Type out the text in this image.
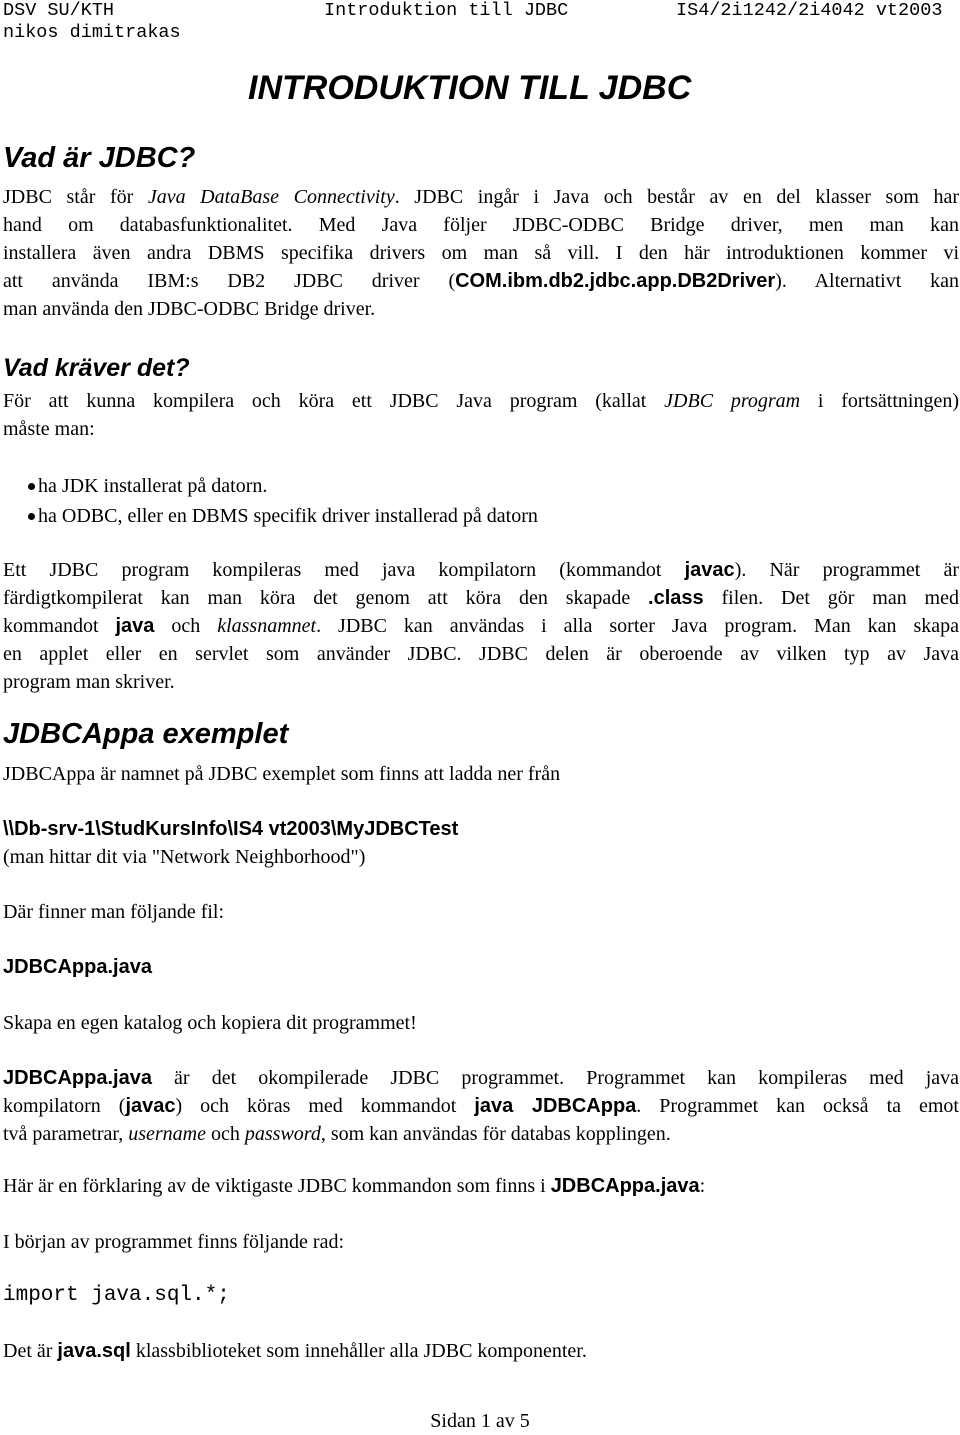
DSV SU/KTH
nikos dimitrakas
Introduktion till JDBC	IS4/2i1242/2i4042 vt2003
INTRODUKTION TILL JDBC
Vad är JDBC?
JDBC står för Java DataBase Connectivity. JDBC ingår i Java och består av en del klasser som har
hand om databasfunktionalitet. Med Java följer JDBC-ODBC Bridge driver, men man kan
installera även andra DBMS specifika drivers om man så vill. I den här introduktionen kommer vi
att använda IBM:s DB2 JDBC driver (COM.ibm.db2.jdbc.app.DB2Driver). Alternativt kan
man använda den JDBC-ODBC Bridge driver.
Vad kräver det?
För att kunna kompilera och köra ett JDBC Java program (kallat JDBC program i fortsättningen)
måste man:
ha JDK installerat på datorn.
ha ODBC, eller en DBMS specifik driver installerad på datorn
Ett JDBC program kompileras med java kompilatorn (kommandot javac). När programmet är
färdigtkompilerat kan man köra det genom att köra den skapade .class filen. Det gör man med
kommandot java och klassnamnet. JDBC kan användas i alla sorter Java program. Man kan skapa
en applet eller en servlet som använder JDBC. JDBC delen är oberoende av vilken typ av Java
program man skriver.
JDBCAppa exemplet
JDBCAppa är namnet på JDBC exemplet som finns att ladda ner från
\\Db-srv-1\StudKursInfo\IS4 vt2003\MyJDBCTest
(man hittar dit via "Network Neighborhood")
Där finner man följande fil:
JDBCAppa.java
Skapa en egen katalog och kopiera dit programmet!
JDBCAppa.java är det okompilerade JDBC programmet. Programmet kan kompileras med java
kompilatorn (javac) och köras med kommandot java JDBCAppa. Programmet kan också ta emot
två parametrar, username och password, som kan användas för databas kopplingen.
Här är en förklaring av de viktigaste JDBC kommandon som finns i JDBCAppa.java:
I början av programmet finns följande rad:
import java.sql.*;
Det är java.sql klassbiblioteket som innehåller alla JDBC komponenter.
Sidan 1 av 5
